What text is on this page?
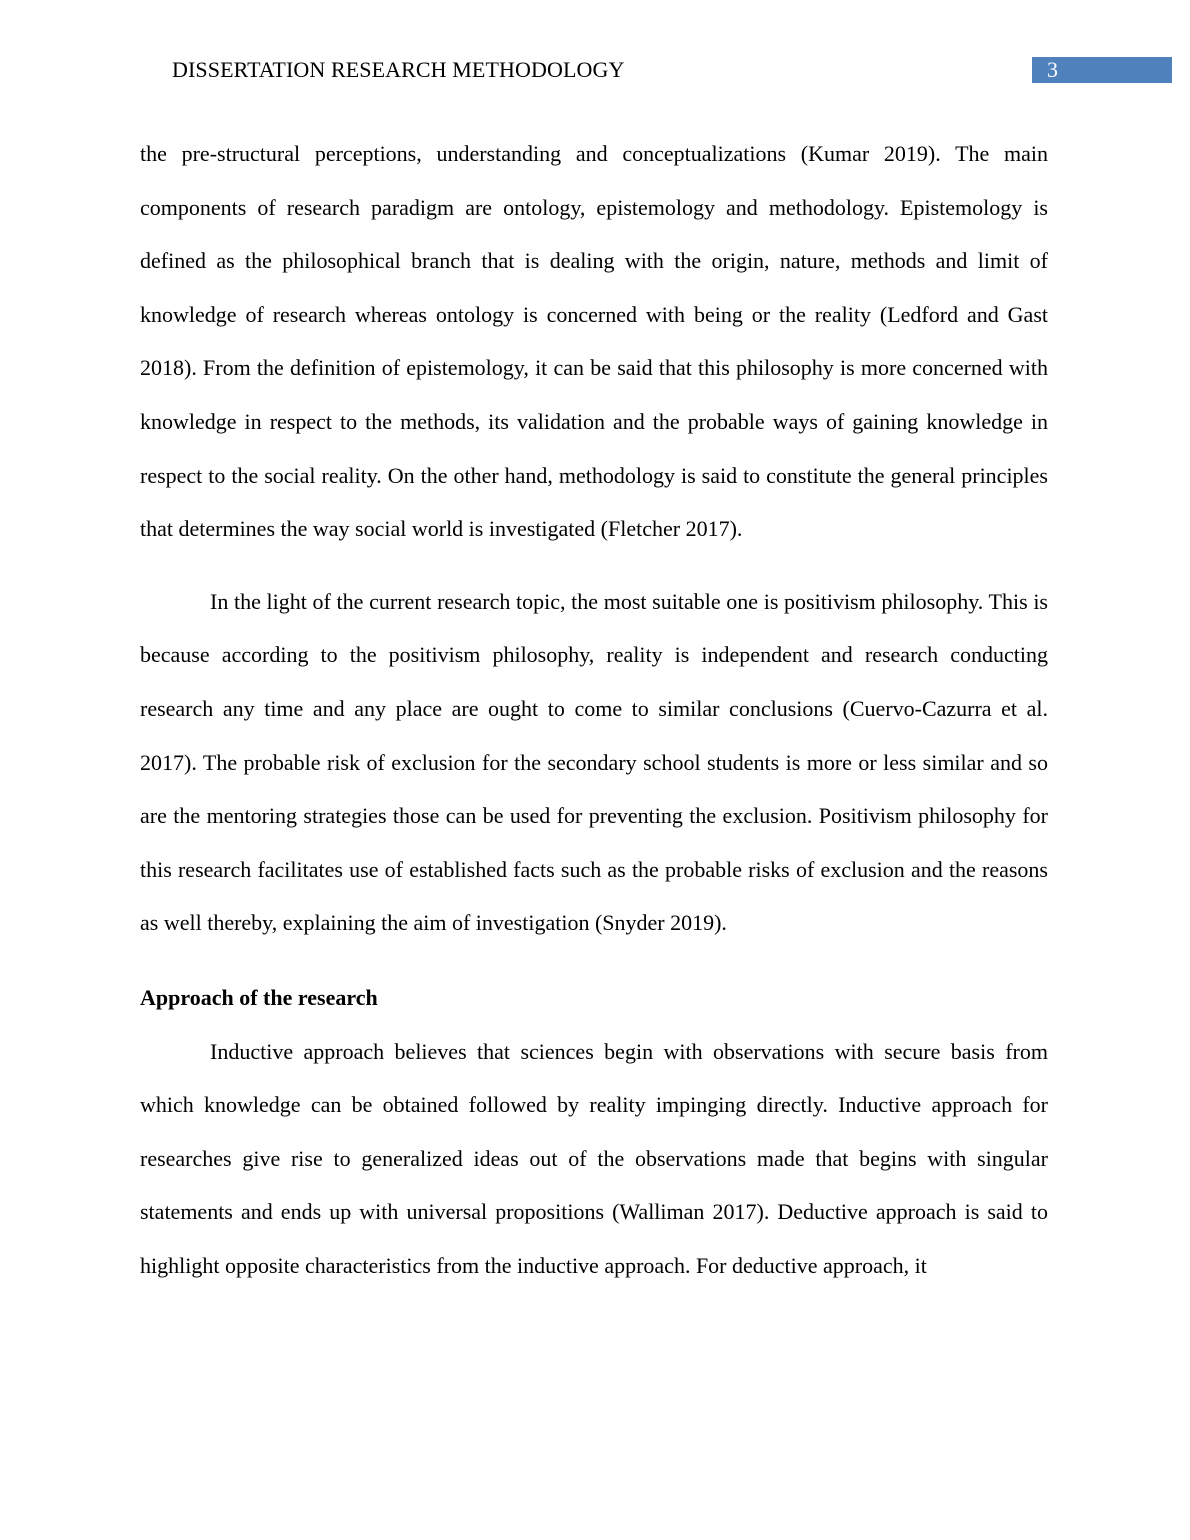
DISSERTATION RESEARCH METHODOLOGY	3

the pre-structural perceptions, understanding and conceptualizations (Kumar 2019). The main components of research paradigm are ontology, epistemology and methodology. Epistemology is defined as the philosophical branch that is dealing with the origin, nature, methods and limit of knowledge of research whereas ontology is concerned with being or the reality (Ledford and Gast 2018). From the definition of epistemology, it can be said that this philosophy is more concerned with knowledge in respect to the methods, its validation and the probable ways of gaining knowledge in respect to the social reality. On the other hand, methodology is said to constitute the general principles that determines the way social world is investigated (Fletcher 2017).

In the light of the current research topic, the most suitable one is positivism philosophy. This is because according to the positivism philosophy, reality is independent and research conducting research any time and any place are ought to come to similar conclusions (Cuervo-Cazurra et al. 2017). The probable risk of exclusion for the secondary school students is more or less similar and so are the mentoring strategies those can be used for preventing the exclusion. Positivism philosophy for this research facilitates use of established facts such as the probable risks of exclusion and the reasons as well thereby, explaining the aim of investigation (Snyder 2019).

Approach of the research

Inductive approach believes that sciences begin with observations with secure basis from which knowledge can be obtained followed by reality impinging directly. Inductive approach for researches give rise to generalized ideas out of the observations made that begins with singular statements and ends up with universal propositions (Walliman 2017). Deductive approach is said to highlight opposite characteristics from the inductive approach. For deductive approach, it
